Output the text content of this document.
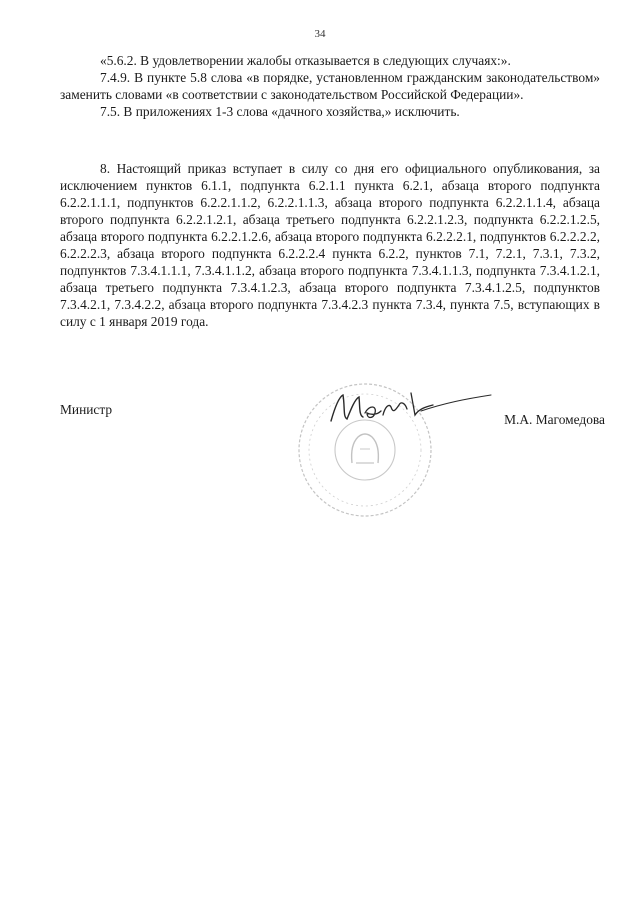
34

«5.6.2. В удовлетворении жалобы отказывается в следующих случаях:».

7.4.9. В пункте 5.8 слова «в порядке, установленном гражданским законодательством» заменить словами «в соответствии с законодательством Российской Федерации».

7.5. В приложениях 1-3 слова «дачного хозяйства,» исключить.

8. Настоящий приказ вступает в силу со дня его официального опубликования, за исключением пунктов 6.1.1, подпункта 6.2.1.1 пункта 6.2.1, абзаца второго подпункта 6.2.2.1.1.1, подпунктов 6.2.2.1.1.2, 6.2.2.1.1.3, абзаца второго подпункта 6.2.2.1.1.4, абзаца второго подпункта 6.2.2.1.2.1, абзаца третьего подпункта 6.2.2.1.2.3, подпункта 6.2.2.1.2.5, абзаца второго подпункта 6.2.2.1.2.6, абзаца второго подпункта 6.2.2.2.1, подпунктов 6.2.2.2.2, 6.2.2.2.3, абзаца второго подпункта 6.2.2.2.4 пункта 6.2.2, пунктов 7.1, 7.2.1, 7.3.1, 7.3.2, подпунктов 7.3.4.1.1.1, 7.3.4.1.1.2, абзаца второго подпункта 7.3.4.1.1.3, подпункта 7.3.4.1.2.1, абзаца третьего подпункта 7.3.4.1.2.3, абзаца второго подпункта 7.3.4.1.2.5, подпунктов 7.3.4.2.1, 7.3.4.2.2, абзаца второго подпункта 7.3.4.2.3 пункта 7.3.4, пункта 7.5, вступающих в силу с 1 января 2019 года.

Министр
М.А. Магомедова
